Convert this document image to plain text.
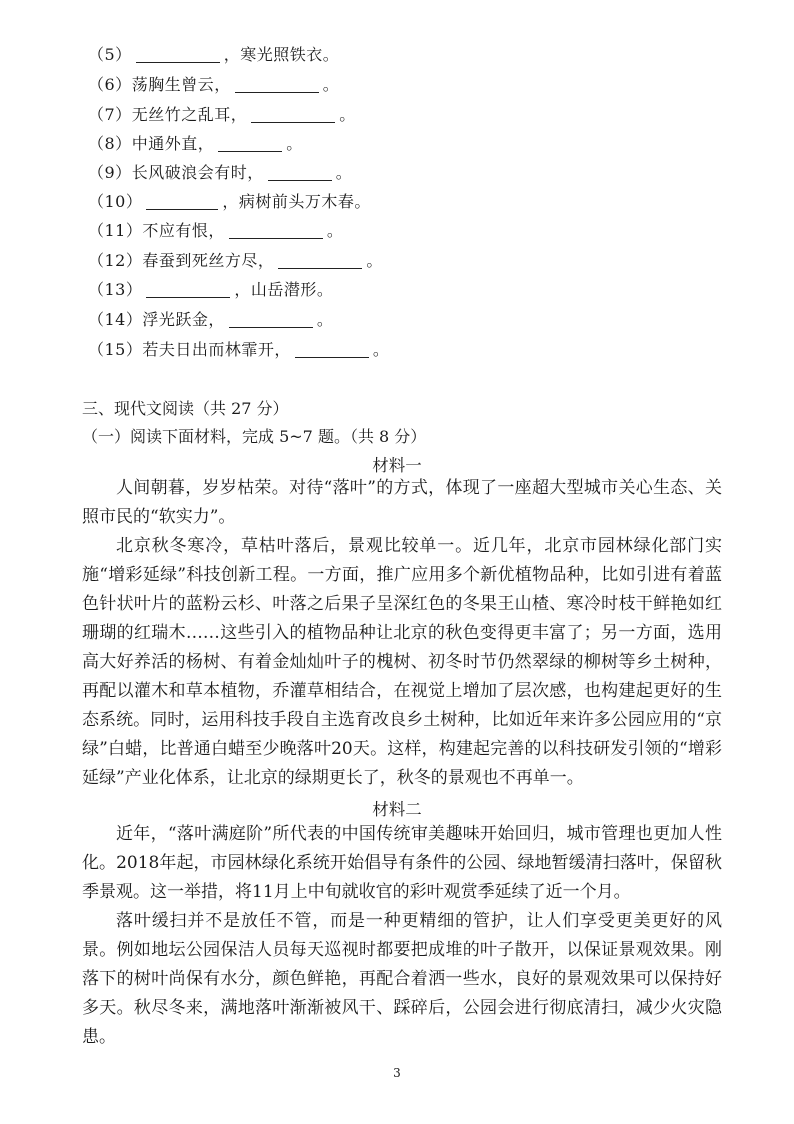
（5）	，寒光照铁衣。
（6）荡胸生曾云，	。
（7）无丝竹之乱耳，	。
（8）中通外直，	。
（9）长风破浪会有时，	。
（10）	，病树前头万木春。
（11）不应有恨，	。
（12）春蚕到死丝方尽，	。
（13）	，山岳潜形。
（14）浮光跃金，	。
（15）若夫日出而林霏开，	。
三、现代文阅读（共 27 分）
（一）阅读下面材料，完成 5~7 题。（共 8 分）
材料一
人间朝暮，岁岁枯荣。对待“落叶”的方式，体现了一座超大型城市关心生态、关照市民的“软实力”。
北京秋冬寒冷，草枯叶落后，景观比较单一。近几年，北京市园林绿化部门实施“增彩延绿”科技创新工程。一方面，推广应用多个新优植物品种，比如引进有着蓝色针状叶片的蓝粉云杉、叶落之后果子呈深红色的冬果王山楂、寒冷时枝干鲜艳如红珊瑚的红瑞木……这些引入的植物品种让北京的秋色变得更丰富了；另一方面，选用高大好养活的杨树、有着金灿灿叶子的槐树、初冬时节仍然翠绿的柳树等乡土树种，再配以灌木和草本植物，乔灌草相结合，在视觉上增加了层次感，也构建起更好的生态系统。同时，运用科技手段自主选育改良乡土树种，比如近年来许多公园应用的“京绿”白蜡，比普通白蜡至少晚落叶20天。这样，构建起完善的以科技研发引领的“增彩延绿”产业化体系，让北京的绿期更长了，秋冬的景观也不再单一。
材料二
近年，“落叶满庭阶”所代表的中国传统审美趣味开始回归，城市管理也更加人性化。2018年起，市园林绿化系统开始倡导有条件的公园、绿地暂缓清扫落叶，保留秋季景观。这一举措，将11月上中旬就收官的彩叶观赏季延续了近一个月。
落叶缓扫并不是放任不管，而是一种更精细的管护，让人们享受更美更好的风景。例如地坛公园保洁人员每天巡视时都要把成堆的叶子散开，以保证景观效果。刚落下的树叶尚保有水分，颜色鲜艳，再配合着洒一些水，良好的景观效果可以保持好多天。秋尽冬来，满地落叶渐渐被风干、踩碎后，公园会进行彻底清扫，减少火灾隐患。
3
